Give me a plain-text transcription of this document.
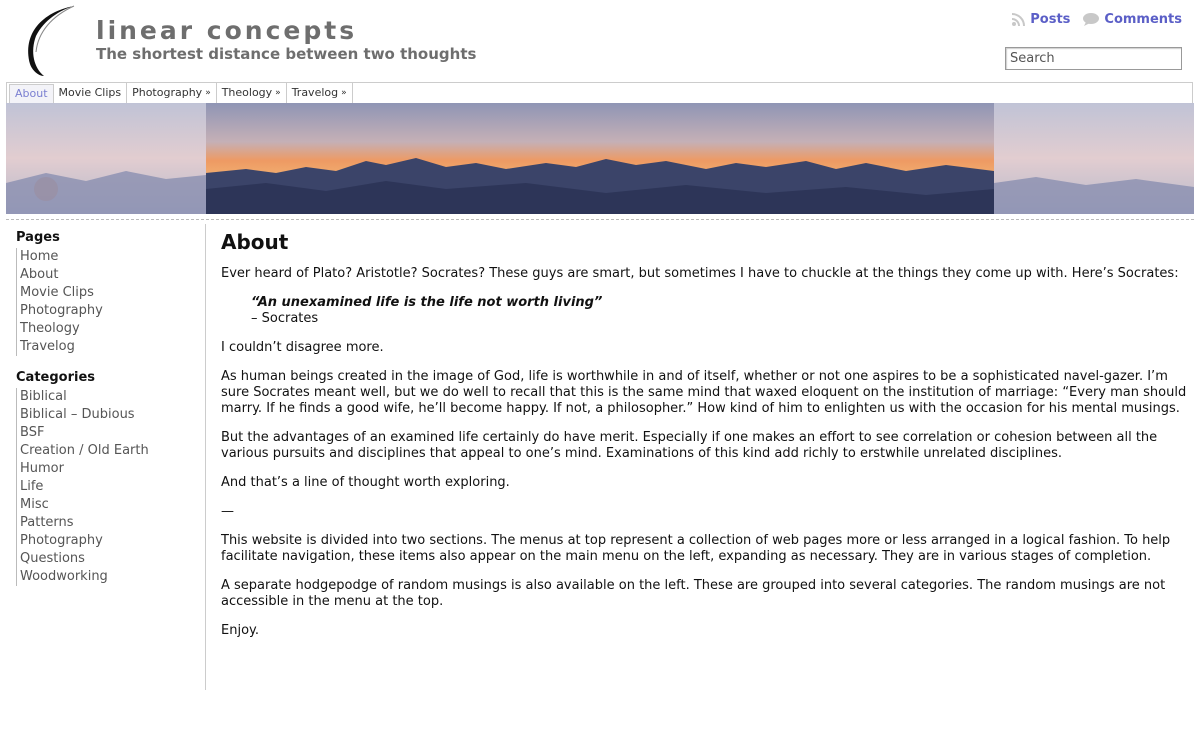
linear concepts
The shortest distance between two thoughts
Posts	Comments
Search
About Movie Clips Photography » Theology » Travelog »
Pages
Home
About
Movie Clips
Photography
Theology
Travelog
Categories
Biblical
Biblical – Dubious
BSF
Creation / Old Earth
Humor
Life
Misc
Patterns
Photography
Questions
Woodworking
About

Ever heard of Plato? Aristotle? Socrates? These guys are smart, but sometimes I have to chuckle at the things they come up with. Here’s Socrates:

“An unexamined life is the life not worth living”
– Socrates

I couldn’t disagree more.

As human beings created in the image of God, life is worthwhile in and of itself, whether or not one aspires to be a sophisticated navel-gazer. I’m sure Socrates meant well, but we do well to recall that this is the same mind that waxed eloquent on the institution of marriage: “Every man should marry. If he finds a good wife, he’ll become happy. If not, a philosopher.” How kind of him to enlighten us with the occasion for his mental musings.

But the advantages of an examined life certainly do have merit. Especially if one makes an effort to see correlation or cohesion between all the various pursuits and disciplines that appeal to one’s mind. Examinations of this kind add richly to erstwhile unrelated disciplines.

And that’s a line of thought worth exploring.

—

This website is divided into two sections. The menus at top represent a collection of web pages more or less arranged in a logical fashion. To help facilitate navigation, these items also appear on the main menu on the left, expanding as necessary. They are in various stages of completion.

A separate hodgepodge of random musings is also available on the left. These are grouped into several categories. The random musings are not accessible in the menu at the top.

Enjoy.
